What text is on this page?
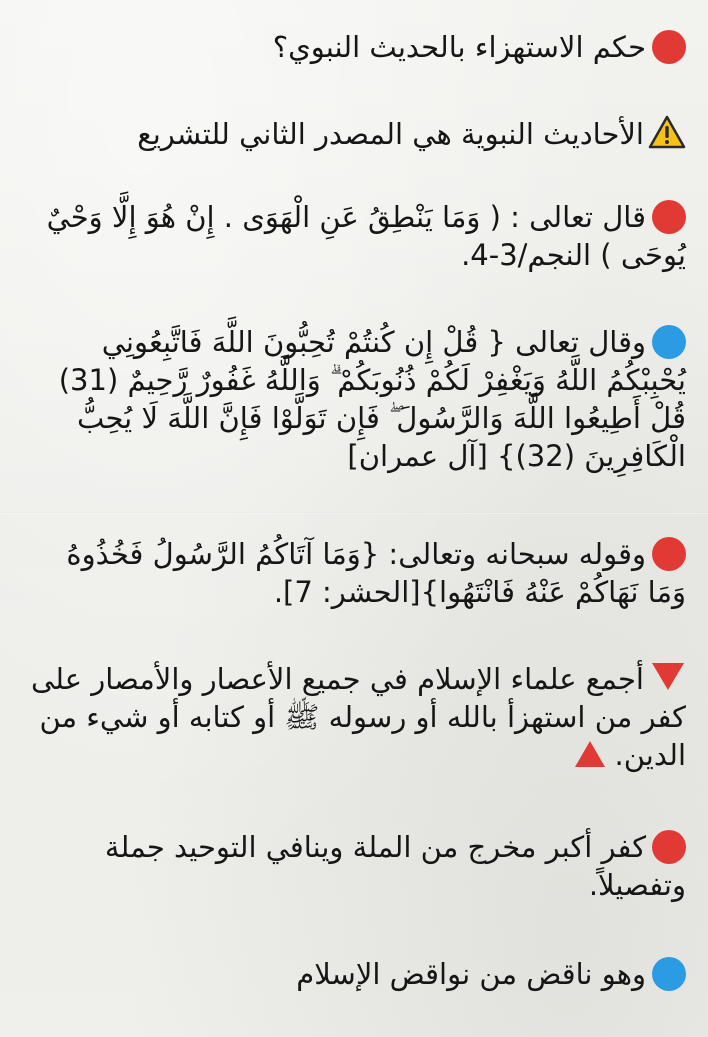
حكم الاستهزاء بالحديث النبوي؟
الأحاديث النبوية هي المصدر الثاني للتشريع
قال تعالى : ( وَمَا يَنْطِقُ عَنِ الْهَوَى . إِنْ هُوَ إِلَّا وَحْيٌ يُوحَى ) النجم/3-4.
وقال تعالى { قُلْ إِن كُنتُمْ تُحِبُّونَ اللَّهَ فَاتَّبِعُونِي يُحْبِبْكُمُ اللَّهُ وَيَغْفِرْ لَكُمْ ذُنُوبَكُمْ ۗ وَاللَّهُ غَفُورٌ رَّحِيمٌ (31) قُلْ أَطِيعُوا اللَّهَ وَالرَّسُولَ ۖ فَإِن تَوَلَّوْا فَإِنَّ اللَّهَ لَا يُحِبُّ الْكَافِرِينَ (32)} [آل عمران]
وقوله سبحانه وتعالى: {وَمَا آتَاكُمُ الرَّسُولُ فَخُذُوهُ وَمَا نَهَاكُمْ عَنْهُ فَانْتَهُوا}[الحشر: 7].
أجمع علماء الإسلام في جميع الأعصار والأمصار على كفر من استهزأ بالله أو رسوله ﷺ أو كتابه أو شيء من الدين.
كفر أكبر مخرج من الملة وينافي التوحيد جملة وتفصيلاً.
وهو ناقض من نواقض الإسلام
